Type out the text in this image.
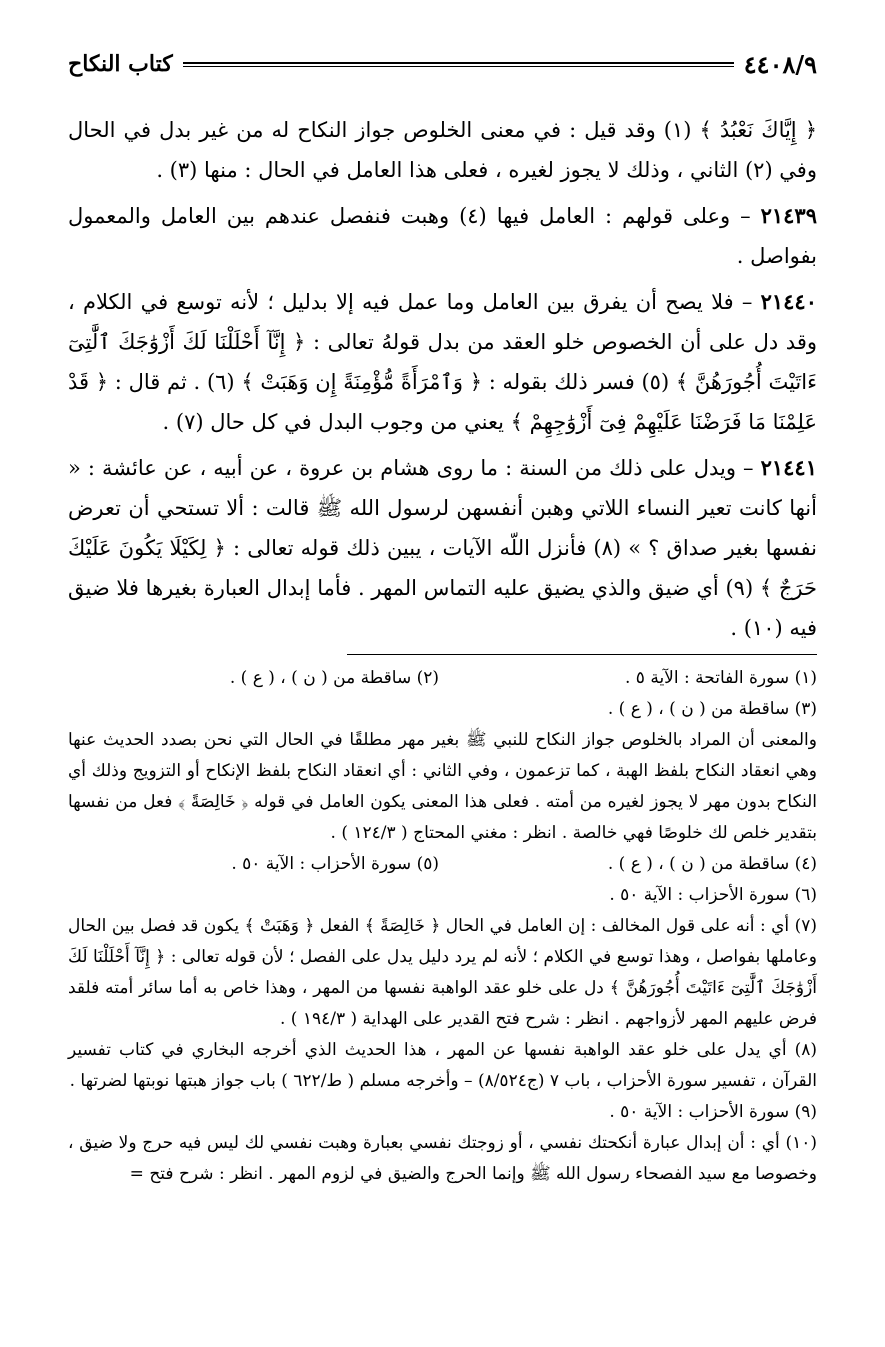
٤٤٠٨/٩
كتاب النكاح

﴿ إِيَّاكَ نَعْبُدُ ﴾ (١) وقد قيل : في معنى الخلوص جواز النكاح له من غير بدل في الحال وفي (٢) الثاني ، وذلك لا يجوز لغيره ، فعلى هذا العامل في الحال : منها (٣) .

٢١٤٣٩ – وعلى قولهم : العامل فيها (٤) وهبت فنفصل عندهم بين العامل والمعمول بفواصل .

٢١٤٤٠ – فلا يصح أن يفرق بين العامل وما عمل فيه إلا بدليل ؛ لأنه توسع في الكلام ، وقد دل على أن الخصوص خلو العقد من بدل قولهُ تعالى : ﴿ إِنَّآ أَحْلَلْنَا لَكَ أَزْوَٰجَكَ ٱلَّٰتِىٓ ءَاتَيْتَ أُجُورَهُنَّ ﴾ (٥) فسر ذلك بقوله : ﴿ وَٱمْرَأَةً مُّؤْمِنَةً إِن وَهَبَتْ ﴾ (٦) . ثم قال : ﴿ قَدْ عَلِمْنَا مَا فَرَضْنَا عَلَيْهِمْ فِىٓ أَزْوَٰجِهِمْ ﴾ يعني من وجوب البدل في كل حال (٧) .

٢١٤٤١ – ويدل على ذلك من السنة : ما روى هشام بن عروة ، عن أبيه ، عن عائشة : « أنها كانت تعير النساء اللاتي وهبن أنفسهن لرسول الله ﷺ قالت : ألا تستحي أن تعرض نفسها بغير صداق ؟ » (٨) فأنزل اللّه الآيات ، يبين ذلك قوله تعالى : ﴿ لِكَيْلَا يَكُونَ عَلَيْكَ حَرَجٌ ﴾ (٩) أي ضيق والذي يضيق عليه التماس المهر . فأما إبدال العبارة بغيرها فلا ضيق فيه (١٠) .

(١) سورة الفاتحة : الآية ٥ .
(٢) ساقطة من ( ن ) ، ( ع ) .

(٣) ساقطة من ( ن ) ، ( ع ) .

والمعنى أن المراد بالخلوص جواز النكاح للنبي ﷺ بغير مهر مطلقًا في الحال التي نحن بصدد الحديث عنها وهي انعقاد النكاح بلفظ الهبة ، كما تزعمون ، وفي الثاني : أي انعقاد النكاح بلفظ الإنكاح أو التزويج وذلك أي النكاح بدون مهر لا يجوز لغيره من أمته . فعلى هذا المعنى يكون العامل في قوله ﴿ خَالِصَةً ﴾ فعل من نفسها بتقدير خلص لك خلوصًا فهي خالصة . انظر : مغني المحتاج ( ١٢٤/٣ ) .

(٤) ساقطة من ( ن ) ، ( ع ) .
(٥) سورة الأحزاب : الآية ٥٠ .

(٦) سورة الأحزاب : الآية ٥٠ .

(٧) أي : أنه على قول المخالف : إن العامل في الحال ﴿ خَالِصَةً ﴾ الفعل ﴿ وَهَبَتْ ﴾ يكون قد فصل بين الحال وعاملها بفواصل ، وهذا توسع في الكلام ؛ لأنه لم يرد دليل يدل على الفصل ؛ لأن قوله تعالى : ﴿ إِنَّآ أَحْلَلْنَا لَكَ أَزْوَٰجَكَ ٱلَّٰتِىٓ ءَاتَيْتَ أُجُورَهُنَّ ﴾ دل على خلو عقد الواهبة نفسها من المهر ، وهذا خاص به أما سائر أمته فلقد فرض عليهم المهر لأزواجهم . انظر : شرح فتح القدير على الهداية ( ١٩٤/٣ ) .

(٨) أي يدل على خلو عقد الواهبة نفسها عن المهر ، هذا الحديث الذي أخرجه البخاري في كتاب تفسير القرآن ، تفسير سورة الأحزاب ، باب ٧ (ج٨/٥٢٤) – وأخرجه مسلم ( ط/٦٢٢ ) باب جواز هبتها نوبتها لضرتها .

(٩) سورة الأحزاب : الآية ٥٠ .

(١٠) أي : أن إبدال عبارة أنكحتك نفسي ، أو زوجتك نفسي بعبارة وهبت نفسي لك ليس فيه حرج ولا ضيق ، وخصوصا مع سيد الفصحاء رسول الله ﷺ وإنما الحرج والضيق في لزوم المهر . انظر : شرح فتح =
